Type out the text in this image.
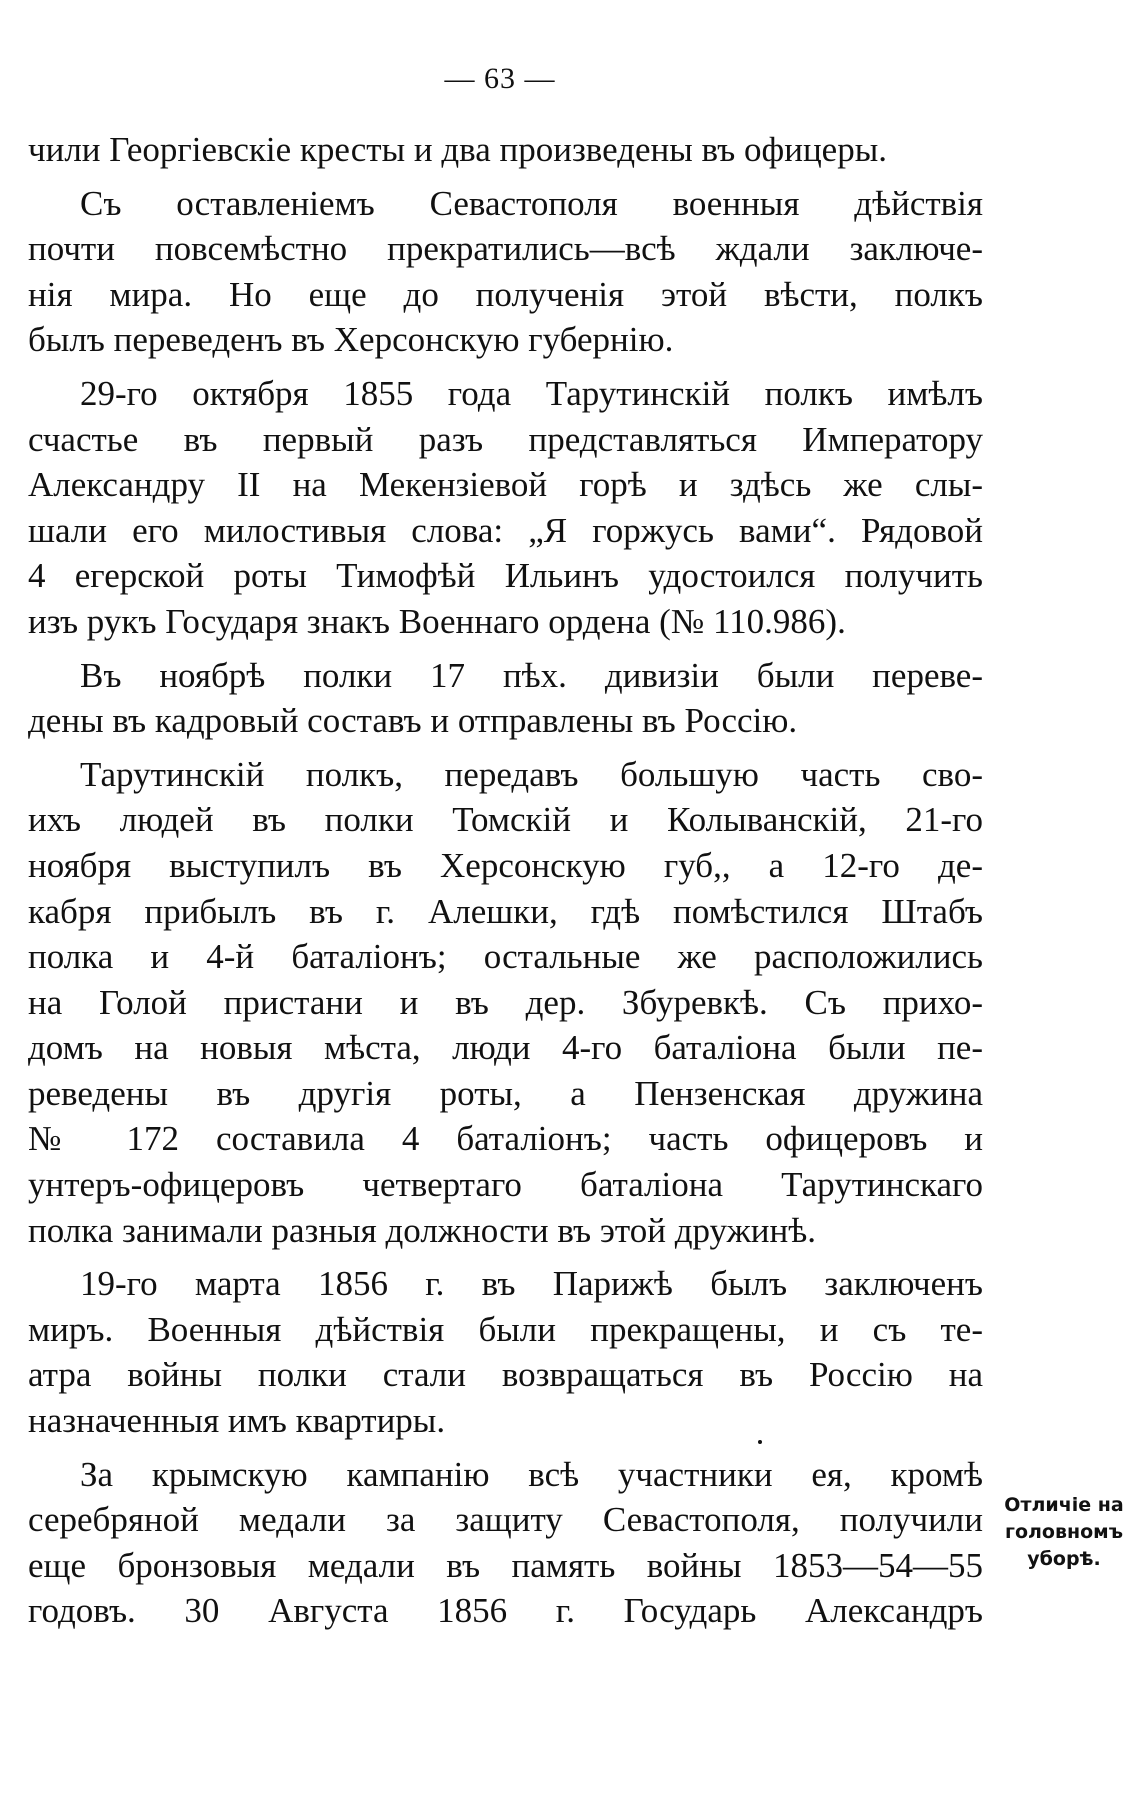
— 63 —
чили Георгiевскiе кресты и два произведены въ офицеры.
Съ оставленiемъ Севастополя военныя дѣйствiя
почти повсемѣстно прекратились—всѣ ждали заключе-
нiя мира. Но еще до полученiя этой вѣсти, полкъ
былъ переведенъ въ Херсонскую губернiю.
29-го октября 1855 года Тарутинскiй полкъ имѣлъ
счастье въ первый разъ представляться Императору
Александру II на Мекензiевой горѣ и здѣсь же слы-
шали его милостивыя слова: „Я горжусь вами“. Рядовой
4 егерской роты Тимофѣй Ильинъ удостоился получить
изъ рукъ Государя знакъ Военнаго ордена (№ 110.986).
Въ ноябрѣ полки 17 пѣх. дивизiи были переве-
дены въ кадровый составъ и отправлены въ Россiю.
Тарутинскiй полкъ, передавъ большую часть сво-
ихъ людей въ полки Томскiй и Колыванскiй, 21-го
ноября выступилъ въ Херсонскую губ,, а 12-го де-
кабря прибылъ въ г. Алешки, гдѣ помѣстился Штабъ
полка и 4-й баталiонъ; остальные же расположились
на Голой пристани и въ дер. Збуревкѣ. Съ прихо-
домъ на новыя мѣста, люди 4-го баталiона были пе-
реведены въ другiя роты, а Пензенская дружина
№ 172 составила 4 баталiонъ; часть офицеровъ и
унтеръ-офицеровъ четвертаго баталiона Тарутинскаго
полка занимали разныя должности въ этой дружинѣ.
19-го марта 1856 г. въ Парижѣ былъ заключенъ
миръ. Военныя дѣйствiя были прекращены, и съ те-
атра войны полки стали возвращаться въ Россiю на
назначенныя имъ квартиры.
За крымскую кампанiю всѣ участники ея, кромѣ
серебряной медали за защиту Севастополя, получили
еще бронзовыя медали въ память войны 1853—54—55
годовъ. 30 Августа 1856 г. Государь Александръ
Отличiе на
головномъ
уборѣ.
